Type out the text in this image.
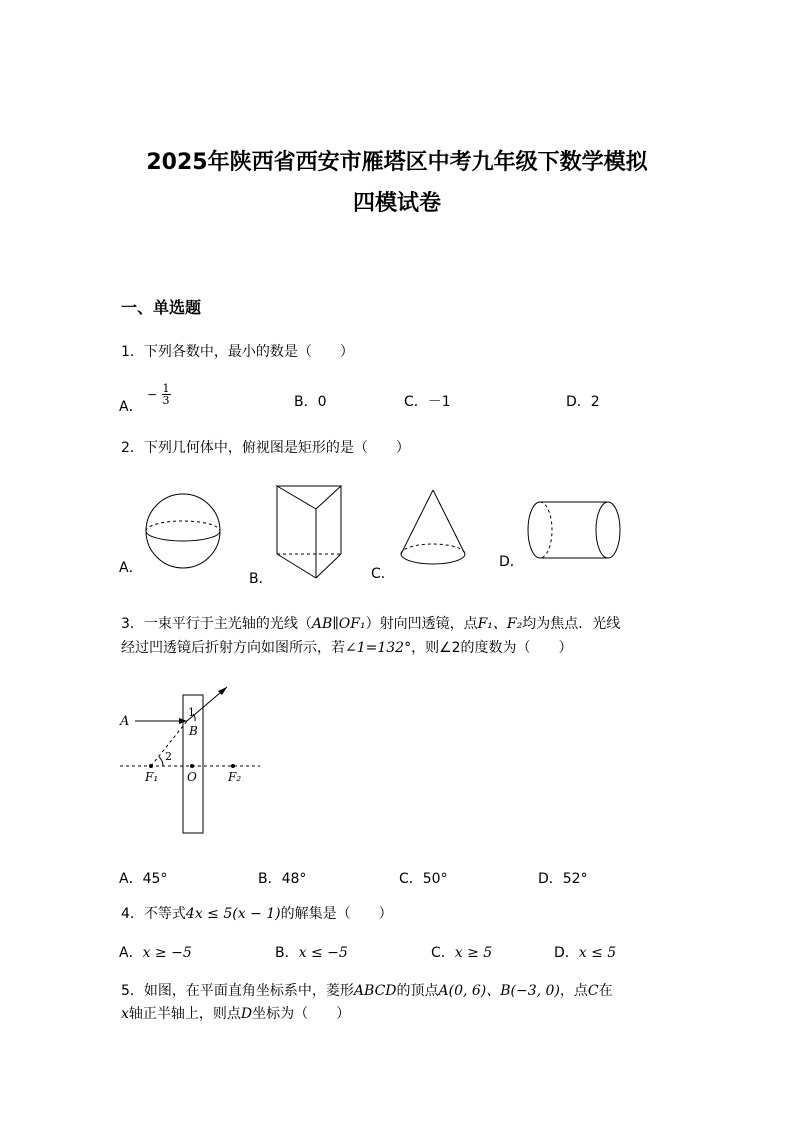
2025年陕西省西安市雁塔区中考九年级下数学模拟
四模试卷
一、单选题
1．下列各数中，最小的数是（　　）
A． − $\frac{1}{3}$	B．0	C．－1	D．2
2．下列几何体中，俯视图是矩形的是（　　）
A．
B．	C．
D．
3．一束平行于主光轴的光线（AB∥OF₁）射向凹透镜，点F₁、F₂均为焦点．光线
经过凹透镜后折射方向如图所示，若∠1=132°，则∠2的度数为（　　）
A
1
B
2
F₁ O	F₂
A．45°	B．48°	C．50°	D．52°
4．不等式4x ≤ 5(x − 1)的解集是（　　）
A．x ≥ −5	B．x ≤ −5	C．x ≥ 5	D．x ≤ 5
5．如图，在平面直角坐标系中，菱形ABCD的顶点A(0, 6)、B(−3, 0)，点C在
x轴正半轴上，则点D坐标为（　　）
